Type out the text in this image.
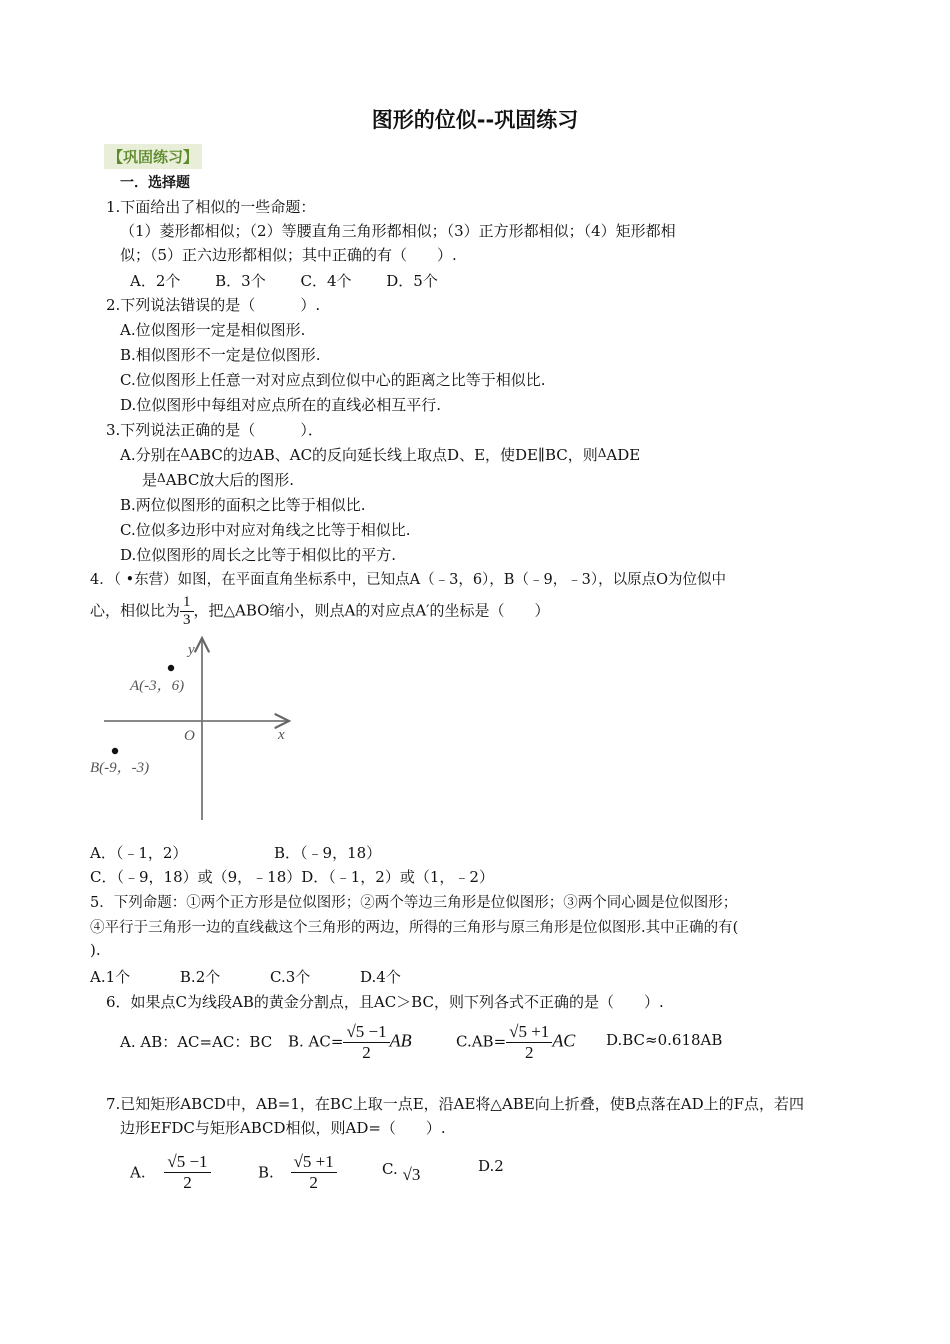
图形的位似--巩固练习
【巩固练习】
一．选择题
1.下面给出了相似的一些命题：
（1）菱形都相似；（2）等腰直角三角形都相似；（3）正方形都相似；（4）矩形都相
似；（5）正六边形都相似；其中正确的有（　　）.
A．2个　　 B．3个　　 C．4个　　 D．5个
2.下列说法错误的是（　　　）.
A.位似图形一定是相似图形.
B.相似图形不一定是位似图形.
C.位似图形上任意一对对应点到位似中心的距离之比等于相似比.
D.位似图形中每组对应点所在的直线必相互平行.
3.下列说法正确的是（　　　）．
A.分别在$^\Delta$ABC的边AB、AC的反向延长线上取点D、E，使DE∥BC，则$^\Delta$ADE
是$^\Delta$ABC放大后的图形.
B.两位似图形的面积之比等于相似比.
C.位似多边形中对应对角线之比等于相似比.
D.位似图形的周长之比等于相似比的平方.
4．（ •东营）如图，在平面直角坐标系中，已知点A（﹣3，6），B（﹣9，﹣3），以原点O为位似中
心，相似比为 $\frac{1}{3}$ ，把△ABO缩小，则点A的对应点A′的坐标是（　　）
y
x
O
A(-3，6)
B(-9，-3)
A．（﹣1，2）	B．（﹣9，18）
C．（﹣9，18）或（9，﹣18）D．（﹣1，2）或（1，﹣2）
5．下列命题：①两个正方形是位似图形；②两个等边三角形是位似图形；③两个同心圆是位似图形；
④平行于三角形一边的直线截这个三角形的两边，所得的三角形与原三角形是位似图形.其中正确的有(
).
A.1个　　　 B.2个　　　 C.3个　　　 D.4个
6．如果点C为线段AB的黄金分割点，且AC＞BC，则下列各式不正确的是（　　）.
A. AB：AC=AC：BC B. $AC= \frac{√5 -1}{2}$ AB	$C.AB= \frac{√5 +1}{2}$ AC D.BC≈0.618AB
7.已知矩形ABCD中，AB=1，在BC上取一点E，沿AE将△ABE向上折叠，使B点落在AD上的F点，若四
边形EFDC与矩形ABCD相似，则AD=（　　）.
A. $\frac{√5 -1}{2}$	B. $\frac{√5 +1}{2}$	C. √3	D.2
